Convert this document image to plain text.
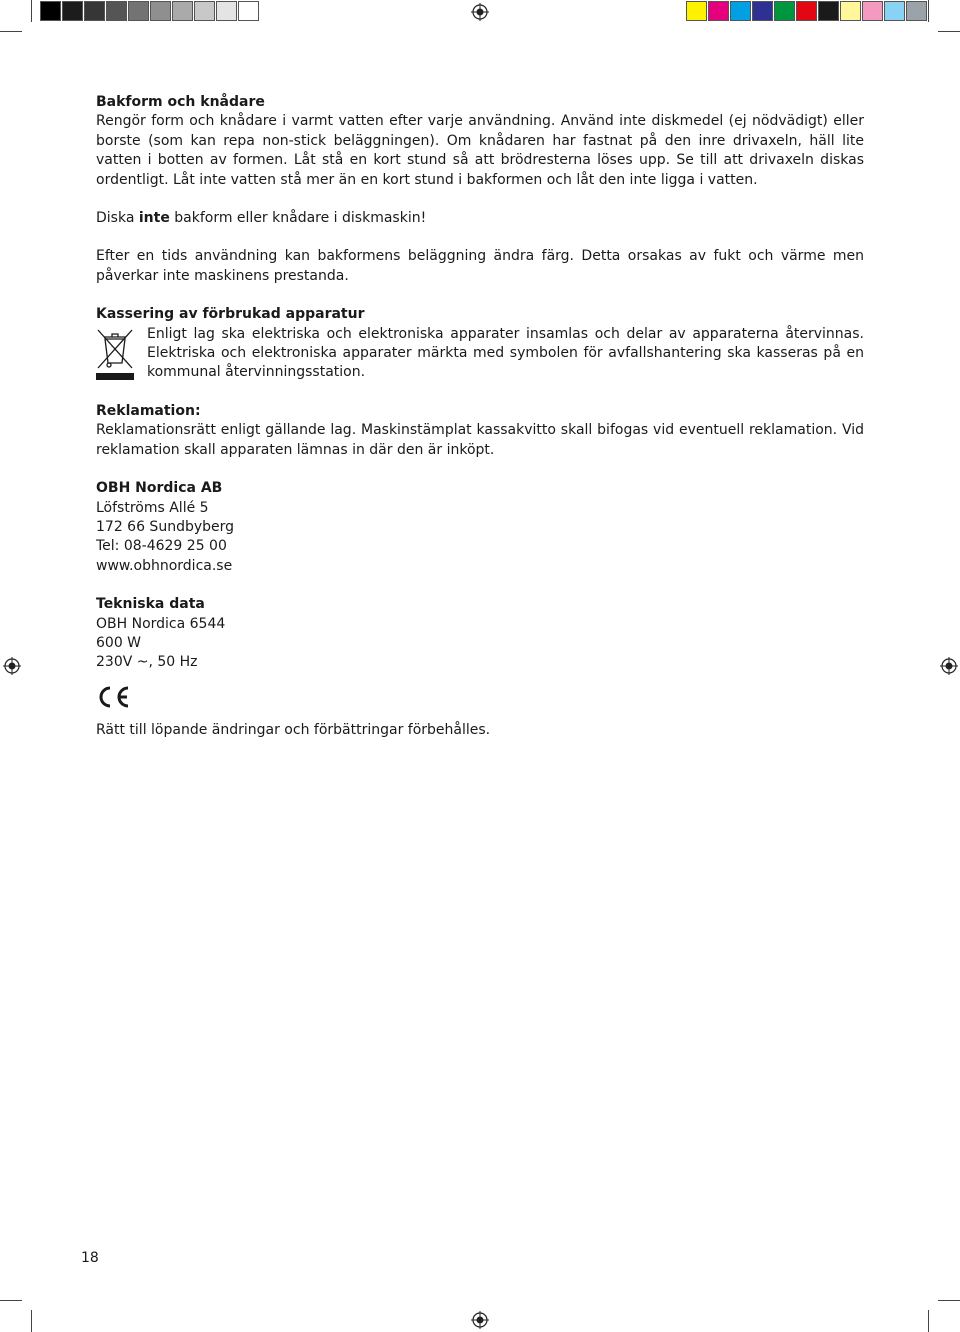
Bakform och knådare

Rengör form och knådare i varmt vatten efter varje användning. Använd inte diskmedel (ej nödvädigt) eller borste (som kan repa non-stick beläggningen). Om knådaren har fastnat på den inre drivaxeln, häll lite vatten i botten av formen. Låt stå en kort stund så att brödresterna löses upp. Se till att drivaxeln diskas ordentligt. Låt inte vatten stå mer än en kort stund i bakformen och låt den inte ligga i vatten.

Diska inte bakform eller knådare i diskmaskin!

Efter en tids användning kan bakformens beläggning ändra färg. Detta orsakas av fukt och värme men påverkar inte maskinens prestanda.

Kassering av förbrukad apparatur

Enligt lag ska elektriska och elektroniska apparater insamlas och delar av apparaterna återvinnas. Elektriska och elektroniska apparater märkta med symbolen för avfallshantering ska kasseras på en kommunal återvinningsstation.

Reklamation:

Reklamationsrätt enligt gällande lag. Maskinstämplat kassakvitto skall bifogas vid eventuell reklamation. Vid reklamation skall apparaten lämnas in där den är inköpt.

OBH Nordica AB

Löfströms Allé 5

172 66 Sundbyberg

Tel: 08-4629 25 00

www.obhnordica.se

Tekniska data

OBH Nordica 6544

600 W

230V ~, 50 Hz

Rätt till löpande ändringar och förbättringar förbehålles.

18
